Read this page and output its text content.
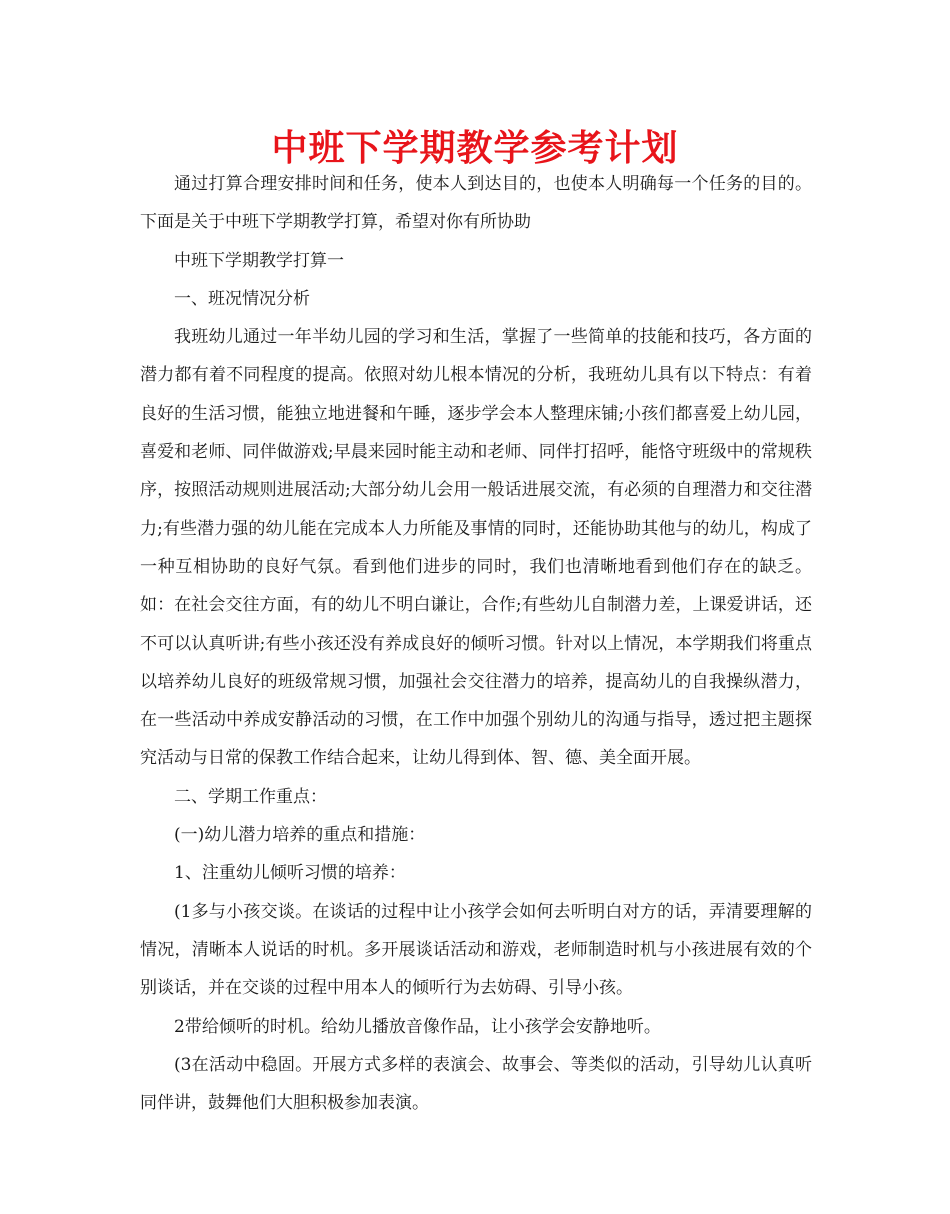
中班下学期教学参考计划

通过打算合理安排时间和任务，使本人到达目的，也使本人明确每一个任务的目的。下面是关于中班下学期教学打算，希望对你有所协助

中班下学期教学打算一

一、班况情况分析

我班幼儿通过一年半幼儿园的学习和生活，掌握了一些简单的技能和技巧，各方面的潜力都有着不同程度的提高。依照对幼儿根本情况的分析，我班幼儿具有以下特点：有着良好的生活习惯，能独立地进餐和午睡，逐步学会本人整理床铺;小孩们都喜爱上幼儿园，喜爱和老师、同伴做游戏;早晨来园时能主动和老师、同伴打招呼，能恪守班级中的常规秩序，按照活动规则进展活动;大部分幼儿会用一般话进展交流，有必须的自理潜力和交往潜力;有些潜力强的幼儿能在完成本人力所能及事情的同时，还能协助其他与的幼儿，构成了一种互相协助的良好气氛。看到他们进步的同时，我们也清晰地看到他们存在的缺乏。如：在社会交往方面，有的幼儿不明白谦让，合作;有些幼儿自制潜力差，上课爱讲话，还不可以认真听讲;有些小孩还没有养成良好的倾听习惯。针对以上情况，本学期我们将重点以培养幼儿良好的班级常规习惯，加强社会交往潜力的培养，提高幼儿的自我操纵潜力，在一些活动中养成安静活动的习惯，在工作中加强个别幼儿的沟通与指导，透过把主题探究活动与日常的保教工作结合起来，让幼儿得到体、智、德、美全面开展。

二、学期工作重点：

(一)幼儿潜力培养的重点和措施：

1、注重幼儿倾听习惯的培养：

(1多与小孩交谈。在谈话的过程中让小孩学会如何去听明白对方的话，弄清要理解的情况，清晰本人说话的时机。多开展谈话活动和游戏，老师制造时机与小孩进展有效的个别谈话，并在交谈的过程中用本人的倾听行为去妨碍、引导小孩。

2带给倾听的时机。给幼儿播放音像作品，让小孩学会安静地听。

(3在活动中稳固。开展方式多样的表演会、故事会、等类似的活动，引导幼儿认真听同伴讲，鼓舞他们大胆积极参加表演。
